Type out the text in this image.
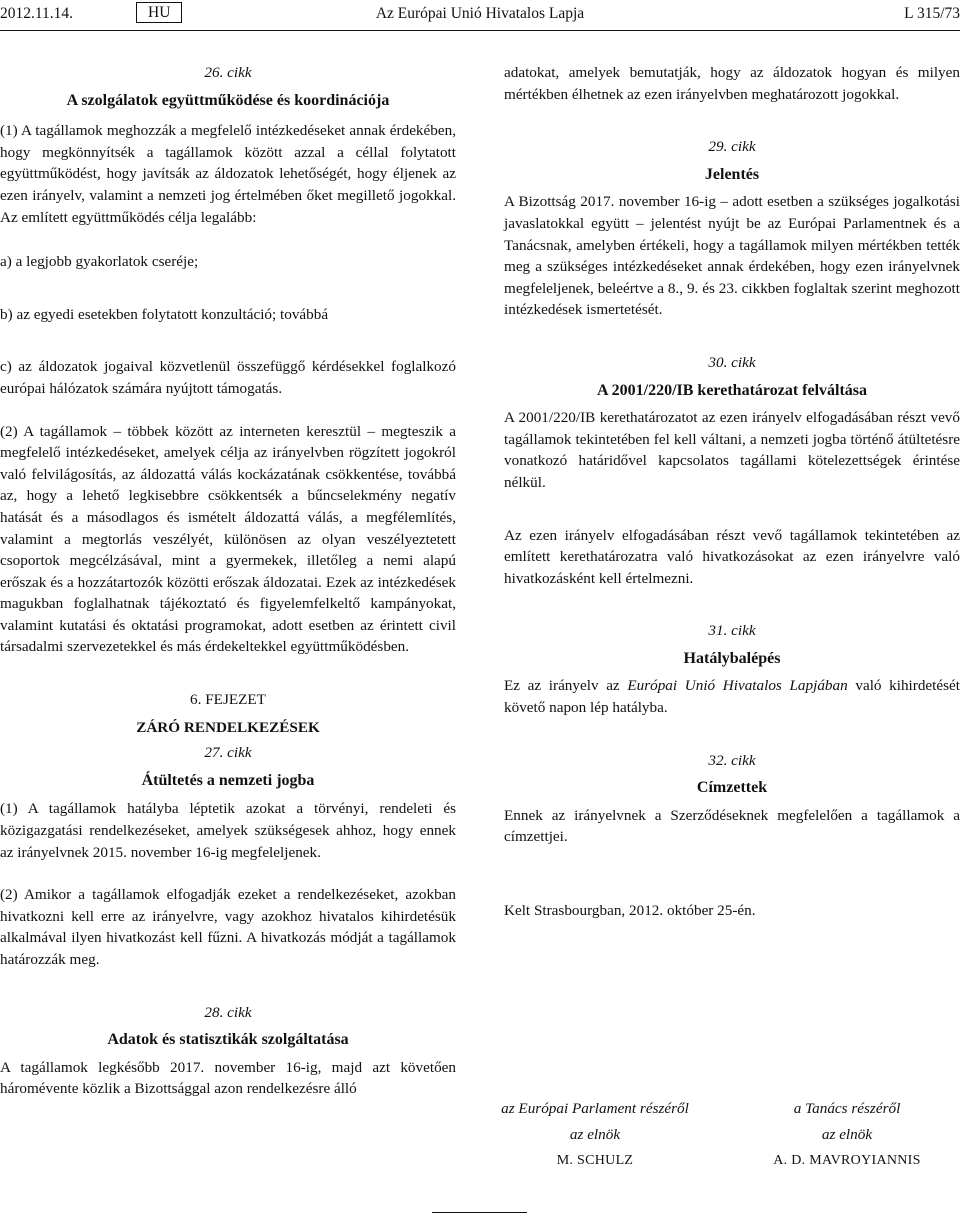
Az Európai Unió Hivatalos Lapja
2012.11.14.	HU	L 315/73

26. cikk

A szolgálatok együttműködése és koordinációja

(1) A tagállamok meghozzák a megfelelő intézkedéseket annak érdekében, hogy megkönnyítsék a tagállamok között azzal a céllal folytatott együttműködést, hogy javítsák az áldozatok lehetőségét, hogy éljenek az ezen irányelv, valamint a nemzeti jog értelmében őket megillető jogokkal. Az említett együttműködés célja legalább:

a) a legjobb gyakorlatok cseréje;

b) az egyedi esetekben folytatott konzultáció; továbbá

c) az áldozatok jogaival közvetlenül összefüggő kérdésekkel foglalkozó európai hálózatok számára nyújtott támogatás.

(2) A tagállamok – többek között az interneten keresztül – megteszik a megfelelő intézkedéseket, amelyek célja az irányelvben rögzített jogokról való felvilágosítás, az áldozattá válás kockázatának csökkentése, továbbá az, hogy a lehető legkisebbre csökkentsék a bűncselekmény negatív hatását és a másodlagos és ismételt áldozattá válás, a megfélemlítés, valamint a megtorlás veszélyét, különösen az olyan veszélyeztetett csoportok megcélzásával, mint a gyermekek, illetőleg a nemi alapú erőszak és a hozzátartozók közötti erőszak áldozatai. Ezek az intézkedések magukban foglalhatnak tájékoztató és figyelemfelkeltő kampányokat, valamint kutatási és oktatási programokat, adott esetben az érintett civil társadalmi szervezetekkel és más érdekeltekkel együttműködésben.

6. FEJEZET

ZÁRÓ RENDELKEZÉSEK

27. cikk

Átültetés a nemzeti jogba

(1) A tagállamok hatályba léptetik azokat a törvényi, rendeleti és közigazgatási rendelkezéseket, amelyek szükségesek ahhoz, hogy ennek az irányelvnek 2015. november 16-ig megfeleljenek.

(2) Amikor a tagállamok elfogadják ezeket a rendelkezéseket, azokban hivatkozni kell erre az irányelvre, vagy azokhoz hivatalos kihirdetésük alkalmával ilyen hivatkozást kell fűzni. A hivatkozás módját a tagállamok határozzák meg.

28. cikk

Adatok és statisztikák szolgáltatása

A tagállamok legkésőbb 2017. november 16-ig, majd azt követően háromévente közlik a Bizottsággal azon rendelkezésre álló

adatokat, amelyek bemutatják, hogy az áldozatok hogyan és milyen mértékben élhetnek az ezen irányelvben meghatározott jogokkal.

29. cikk

Jelentés

A Bizottság 2017. november 16-ig – adott esetben a szükséges jogalkotási javaslatokkal együtt – jelentést nyújt be az Európai Parlamentnek és a Tanácsnak, amelyben értékeli, hogy a tagállamok milyen mértékben tették meg a szükséges intézkedéseket annak érdekében, hogy ezen irányelvnek megfeleljenek, beleértve a 8., 9. és 23. cikkben foglaltak szerint meghozott intézkedések ismertetését.

30. cikk

A 2001/220/IB kerethatározat felváltása

A 2001/220/IB kerethatározatot az ezen irányelv elfogadásában részt vevő tagállamok tekintetében fel kell váltani, a nemzeti jogba történő átültetésre vonatkozó határidővel kapcsolatos tagállami kötelezettségek érintése nélkül.

Az ezen irányelv elfogadásában részt vevő tagállamok tekintetében az említett kerethatározatra való hivatkozásokat az ezen irányelvre való hivatkozásként kell értelmezni.

31. cikk

Hatálybalépés

Ez az irányelv az Európai Unió Hivatalos Lapjában való kihirdetését követő napon lép hatályba.

32. cikk

Címzettek

Ennek az irányelvnek a Szerződéseknek megfelelően a tagállamok a címzettjei.

Kelt Strasbourgban, 2012. október 25-én.

az Európai Parlament részéről
az elnök
M. SCHULZ
a Tanács részéről
az elnök
A. D. MAVROYIANNIS
